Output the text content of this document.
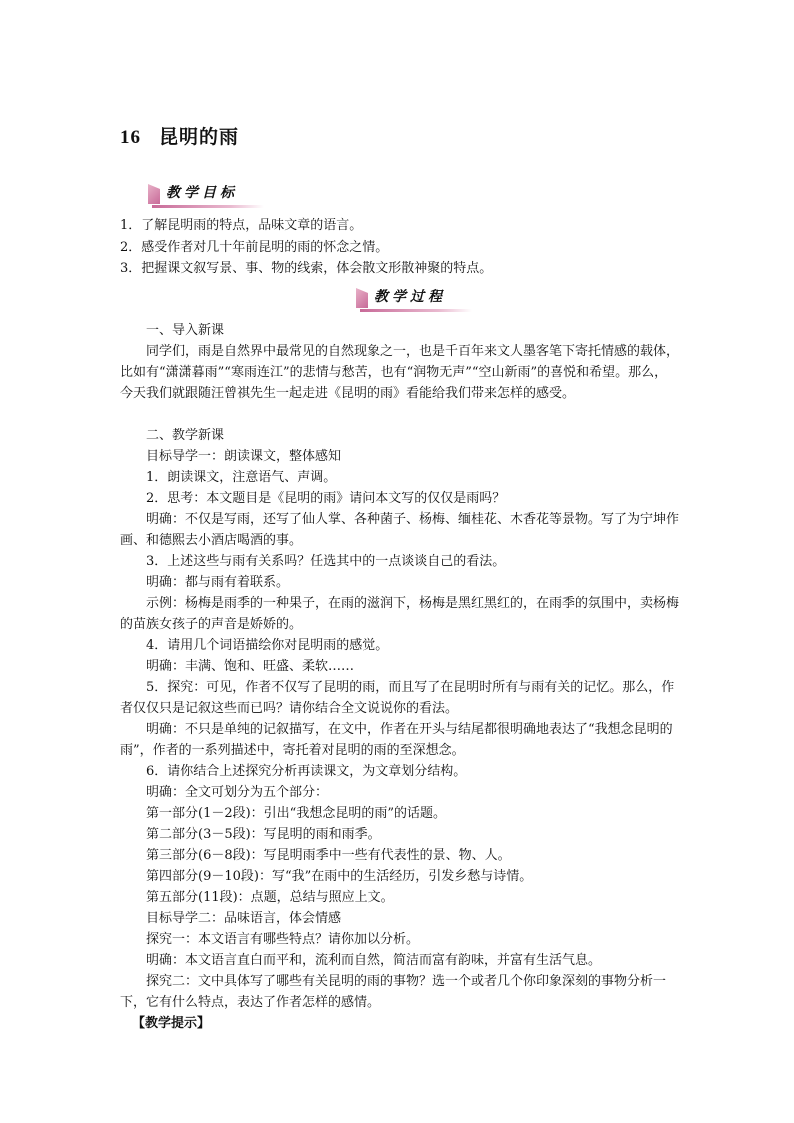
16 昆明的雨
教学目标

1．了解昆明雨的特点，品味文章的语言。

2．感受作者对几十年前昆明的雨的怀念之情。

3．把握课文叙写景、事、物的线索，体会散文形散神聚的特点。

教学过程

一、导入新课

同学们，雨是自然界中最常见的自然现象之一，也是千百年来文人墨客笔下寄托情感的载体，比如有“潇潇暮雨”“寒雨连江”的悲情与愁苦，也有“润物无声”“空山新雨”的喜悦和希望。那么，今天我们就跟随汪曾祺先生一起走进《昆明的雨》看能给我们带来怎样的感受。

二、教学新课

目标导学一：朗读课文，整体感知

1．朗读课文，注意语气、声调。

2．思考：本文题目是《昆明的雨》请问本文写的仅仅是雨吗？

明确：不仅是写雨，还写了仙人掌、各种菌子、杨梅、缅桂花、木香花等景物。写了为宁坤作画、和德熙去小酒店喝酒的事。

3．上述这些与雨有关系吗？任选其中的一点谈谈自己的看法。

明确：都与雨有着联系。

示例：杨梅是雨季的一种果子，在雨的滋润下，杨梅是黑红黑红的，在雨季的氛围中，卖杨梅的苗族女孩子的声音是娇娇的。

4．请用几个词语描绘你对昆明雨的感觉。

明确：丰满、饱和、旺盛、柔软……

5．探究：可见，作者不仅写了昆明的雨，而且写了在昆明时所有与雨有关的记忆。那么，作者仅仅只是记叙这些而已吗？请你结合全文说说你的看法。

明确：不只是单纯的记叙描写，在文中，作者在开头与结尾都很明确地表达了“我想念昆明的雨”，作者的一系列描述中，寄托着对昆明的雨的至深想念。

6．请你结合上述探究分析再读课文，为文章划分结构。

明确：全文可划分为五个部分：

第一部分(1－2段)：引出“我想念昆明的雨”的话题。

第二部分(3－5段)：写昆明的雨和雨季。

第三部分(6－8段)：写昆明雨季中一些有代表性的景、物、人。

第四部分(9－10段)：写“我”在雨中的生活经历，引发乡愁与诗情。

第五部分(11段)：点题，总结与照应上文。

目标导学二：品味语言，体会情感

探究一：本文语言有哪些特点？请你加以分析。

明确：本文语言直白而平和，流利而自然，简洁而富有韵味，并富有生活气息。

探究二：文中具体写了哪些有关昆明的雨的事物？选一个或者几个你印象深刻的事物分析一下，它有什么特点，表达了作者怎样的感情。

【教学提示】
